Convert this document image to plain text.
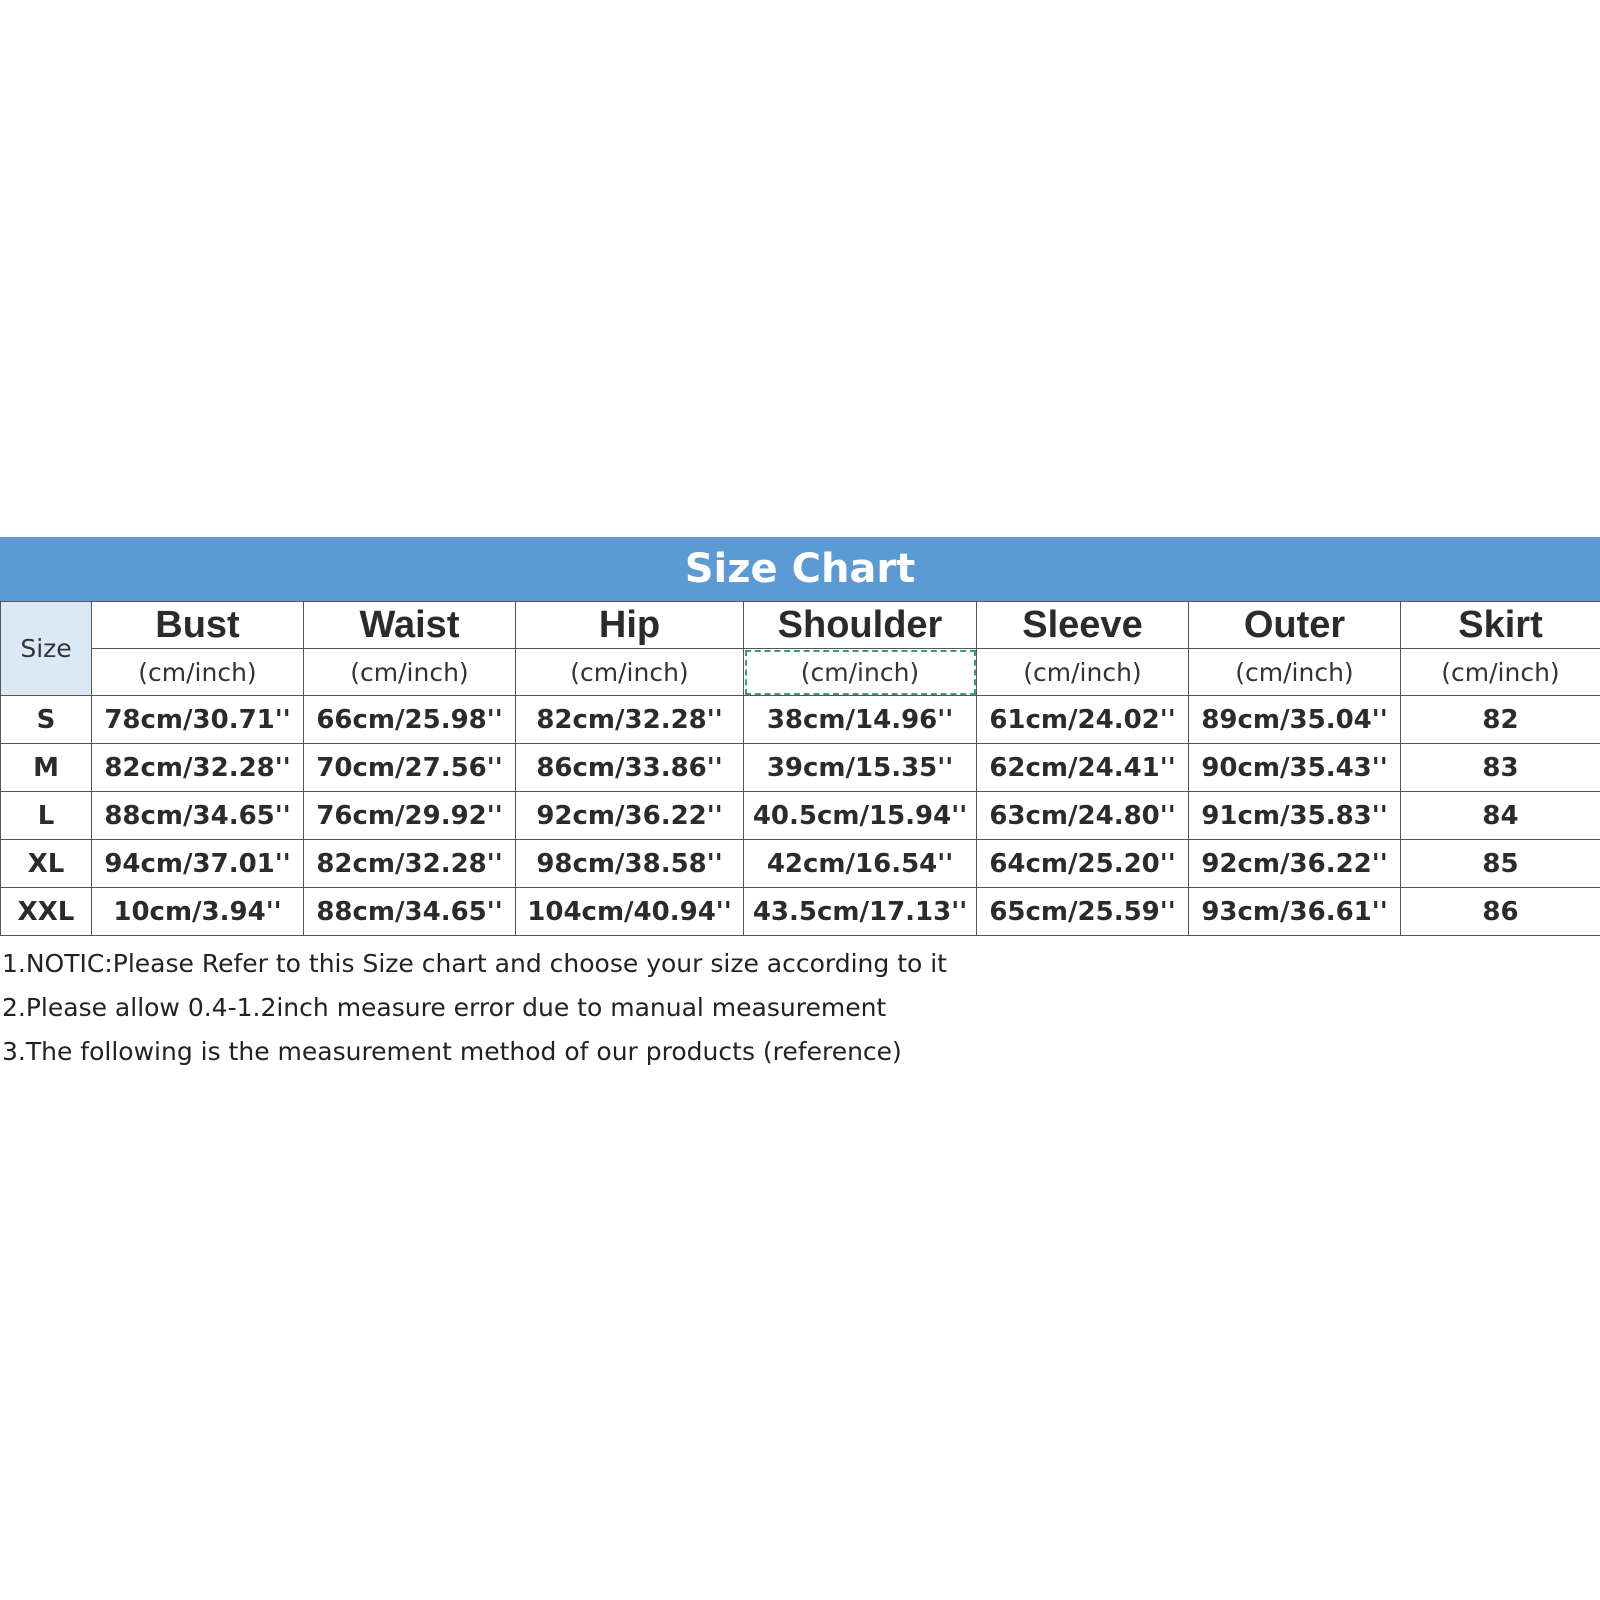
Size Chart
Size	Bust	Waist	Hip	Shoulder	Sleeve	Outer	Skirt
	(cm/inch)	(cm/inch)	(cm/inch)	(cm/inch)	(cm/inch)	(cm/inch)	(cm/inch)
S	78cm/30.71''	66cm/25.98''	82cm/32.28''	38cm/14.96''	61cm/24.02''	89cm/35.04''	82
M	82cm/32.28''	70cm/27.56''	86cm/33.86''	39cm/15.35''	62cm/24.41''	90cm/35.43''	83
L	88cm/34.65''	76cm/29.92''	92cm/36.22''	40.5cm/15.94''	63cm/24.80''	91cm/35.83''	84
XL	94cm/37.01''	82cm/32.28''	98cm/38.58''	42cm/16.54''	64cm/25.20''	92cm/36.22''	85
XXL	10cm/3.94''	88cm/34.65''	104cm/40.94''	43.5cm/17.13''	65cm/25.59''	93cm/36.61''	86
1.NOTIC:Please Refer to this Size chart and choose your size according to it
2.Please allow 0.4-1.2inch measure error due to manual measurement
3.The following is the measurement method of our products (reference)
